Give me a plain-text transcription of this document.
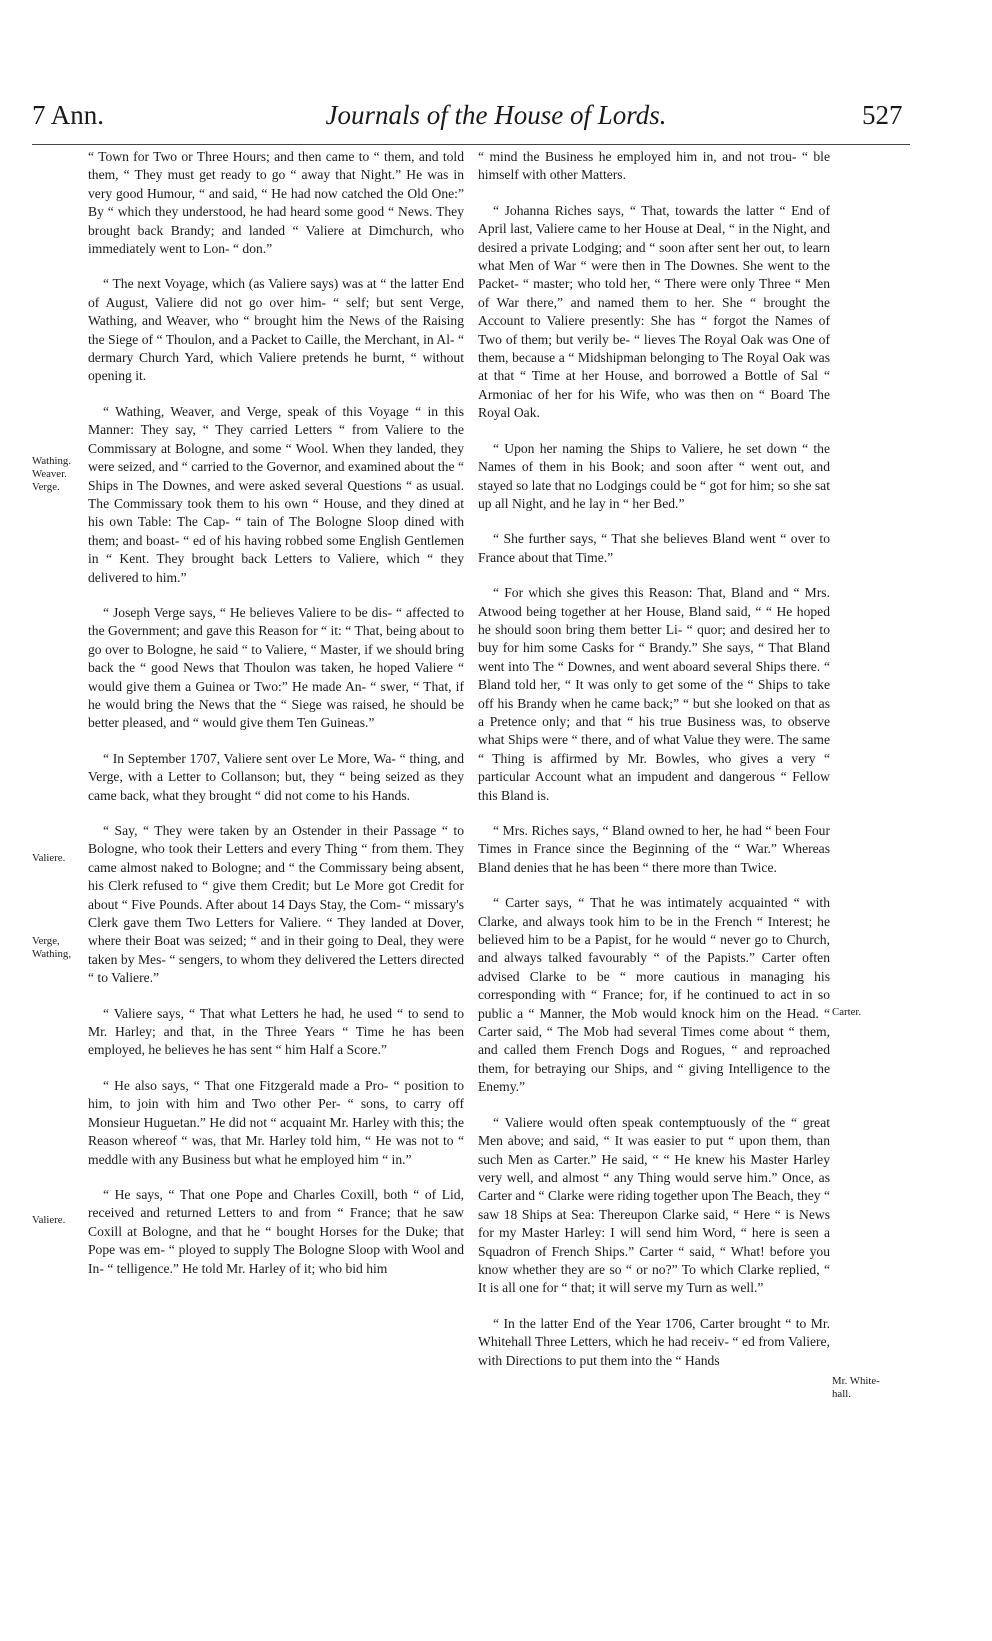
7 Ann.	Journals of the House of Lords.	527
Wathing.
Weaver.
Verge.
Valiere.
Verge,
Wathing,
Valiere.
Carter.
Mr. White-
hall.

“ Town for Two or Three Hours; and then came to “ them, and told them, “ They must get ready to go “ away that Night.” He was in very good Humour, “ and said, “ He had now catched the Old One:” By “ which they understood, he had heard some good “ News. They brought back Brandy; and landed “ Valiere at Dimchurch, who immediately went to Lon- “ don.”

“ The next Voyage, which (as Valiere says) was at “ the latter End of August, Valiere did not go over him- “ self; but sent Verge, Wathing, and Weaver, who “ brought him the News of the Raising the Siege of “ Thoulon, and a Packet to Caille, the Merchant, in Al- “ dermary Church Yard, which Valiere pretends he burnt, “ without opening it.

“ Wathing, Weaver, and Verge, speak of this Voyage “ in this Manner: They say, “ They carried Letters “ from Valiere to the Commissary at Bologne, and some “ Wool. When they landed, they were seized, and “ carried to the Governor, and examined about the “ Ships in The Downes, and were asked several Questions “ as usual. The Commissary took them to his own “ House, and they dined at his own Table: The Cap- “ tain of The Bologne Sloop dined with them; and boast- “ ed of his having robbed some English Gentlemen in “ Kent. They brought back Letters to Valiere, which “ they delivered to him.”

“ Joseph Verge says, “ He believes Valiere to be dis- “ affected to the Government; and gave this Reason for “ it: “ That, being about to go over to Bologne, he said “ to Valiere, “ Master, if we should bring back the “ good News that Thoulon was taken, he hoped Valiere “ would give them a Guinea or Two:” He made An- “ swer, “ That, if he would bring the News that the “ Siege was raised, he should be better pleased, and “ would give them Ten Guineas.”

“ In September 1707, Valiere sent over Le More, Wa- “ thing, and Verge, with a Letter to Collanson; but, they “ being seized as they came back, what they brought “ did not come to his Hands.

“ Say, “ They were taken by an Ostender in their Passage “ to Bologne, who took their Letters and every Thing “ from them. They came almost naked to Bologne; and “ the Commissary being absent, his Clerk refused to “ give them Credit; but Le More got Credit for about “ Five Pounds. After about 14 Days Stay, the Com- “ missary's Clerk gave them Two Letters for Valiere. “ They landed at Dover, where their Boat was seized; “ and in their going to Deal, they were taken by Mes- “ sengers, to whom they delivered the Letters directed “ to Valiere.”

“ Valiere says, “ That what Letters he had, he used “ to send to Mr. Harley; and that, in the Three Years “ Time he has been employed, he believes he has sent “ him Half a Score.”

“ He also says, “ That one Fitzgerald made a Pro- “ position to him, to join with him and Two other Per- “ sons, to carry off Monsieur Huguetan.” He did not “ acquaint Mr. Harley with this; the Reason whereof “ was, that Mr. Harley told him, “ He was not to “ meddle with any Business but what he employed him “ in.”

“ He says, “ That one Pope and Charles Coxill, both “ of Lid, received and returned Letters to and from “ France; that he saw Coxill at Bologne, and that he “ bought Horses for the Duke; that Pope was em- “ ployed to supply The Bologne Sloop with Wool and In- “ telligence.” He told Mr. Harley of it; who bid him

“ mind the Business he employed him in, and not trou- “ ble himself with other Matters.

“ Johanna Riches says, “ That, towards the latter “ End of April last, Valiere came to her House at Deal, “ in the Night, and desired a private Lodging; and “ soon after sent her out, to learn what Men of War “ were then in The Downes. She went to the Packet- “ master; who told her, “ There were only Three “ Men of War there,” and named them to her. She “ brought the Account to Valiere presently: She has “ forgot the Names of Two of them; but verily be- “ lieves The Royal Oak was One of them, because a “ Midshipman belonging to The Royal Oak was at that “ Time at her House, and borrowed a Bottle of Sal “ Armoniac of her for his Wife, who was then on “ Board The Royal Oak.

“ Upon her naming the Ships to Valiere, he set down “ the Names of them in his Book; and soon after “ went out, and stayed so late that no Lodgings could be “ got for him; so she sat up all Night, and he lay in “ her Bed.”

“ She further says, “ That she believes Bland went “ over to France about that Time.”

“ For which she gives this Reason: That, Bland and “ Mrs. Atwood being together at her House, Bland said, “ “ He hoped he should soon bring them better Li- “ quor; and desired her to buy for him some Casks for “ Brandy.” She says, “ That Bland went into The “ Downes, and went aboard several Ships there. “ Bland told her, “ It was only to get some of the “ Ships to take off his Brandy when he came back;” “ but she looked on that as a Pretence only; and that “ his true Business was, to observe what Ships were “ there, and of what Value they were. The same “ Thing is affirmed by Mr. Bowles, who gives a very “ particular Account what an impudent and dangerous “ Fellow this Bland is.

“ Mrs. Riches says, “ Bland owned to her, he had “ been Four Times in France since the Beginning of the “ War.” Whereas Bland denies that he has been “ there more than Twice.

“ Carter says, “ That he was intimately acquainted “ with Clarke, and always took him to be in the French “ Interest; he believed him to be a Papist, for he would “ never go to Church, and always talked favourably “ of the Papists.” Carter often advised Clarke to be “ more cautious in managing his corresponding with “ France; for, if he continued to act in so public a “ Manner, the Mob would knock him on the Head. “ Carter said, “ The Mob had several Times come about “ them, and called them French Dogs and Rogues, “ and reproached them, for betraying our Ships, and “ giving Intelligence to the Enemy.”

“ Valiere would often speak contemptuously of the “ great Men above; and said, “ It was easier to put “ upon them, than such Men as Carter.” He said, “ “ He knew his Master Harley very well, and almost “ any Thing would serve him.” Once, as Carter and “ Clarke were riding together upon The Beach, they “ saw 18 Ships at Sea: Thereupon Clarke said, “ Here “ is News for my Master Harley: I will send him Word, “ here is seen a Squadron of French Ships.” Carter “ said, “ What! before you know whether they are so “ or no?” To which Clarke replied, “ It is all one for “ that; it will serve my Turn as well.”

“ In the latter End of the Year 1706, Carter brought “ to Mr. Whitehall Three Letters, which he had receiv- “ ed from Valiere, with Directions to put them into the “ Hands
